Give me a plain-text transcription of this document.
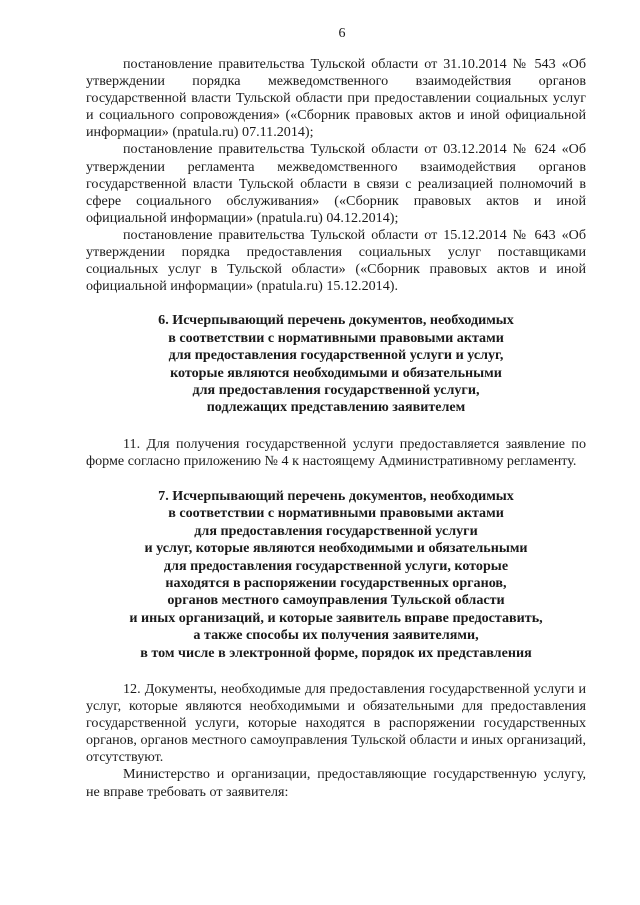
6

постановление правительства Тульской области от 31.10.2014 № 543 «Об утверждении порядка межведомственного взаимодействия органов государственной власти Тульской области при предоставлении социальных услуг и социального сопровождения» («Сборник правовых актов и иной официальной информации» (npatula.ru) 07.11.2014);

постановление правительства Тульской области от 03.12.2014 № 624 «Об утверждении регламента межведомственного взаимодействия органов государственной власти Тульской области в связи с реализацией полномочий в сфере социального обслуживания» («Сборник правовых актов и иной официальной информации» (npatula.ru) 04.12.2014);

постановление правительства Тульской области от 15.12.2014 № 643 «Об утверждении порядка предоставления социальных услуг поставщиками социальных услуг в Тульской области» («Сборник правовых актов и иной официальной информации» (npatula.ru) 15.12.2014).

6. Исчерпывающий перечень документов, необходимых
в соответствии с нормативными правовыми актами
для предоставления государственной услуги и услуг,
которые являются необходимыми и обязательными
для предоставления государственной услуги,
подлежащих представлению заявителем

11. Для получения государственной услуги предоставляется заявление по форме согласно приложению № 4 к настоящему Административному регламенту.

7. Исчерпывающий перечень документов, необходимых
в соответствии с нормативными правовыми актами
для предоставления государственной услуги
и услуг, которые являются необходимыми и обязательными
для предоставления государственной услуги, которые
находятся в распоряжении государственных органов,
органов местного самоуправления Тульской области
и иных организаций, и которые заявитель вправе предоставить,
а также способы их получения заявителями,
в том числе в электронной форме, порядок их представления

12. Документы, необходимые для предоставления государственной услуги и услуг, которые являются необходимыми и обязательными для предоставления государственной услуги, которые находятся в распоряжении государственных органов, органов местного самоуправления Тульской области и иных организаций, отсутствуют.

Министерство и организации, предоставляющие государственную услугу, не вправе требовать от заявителя:
